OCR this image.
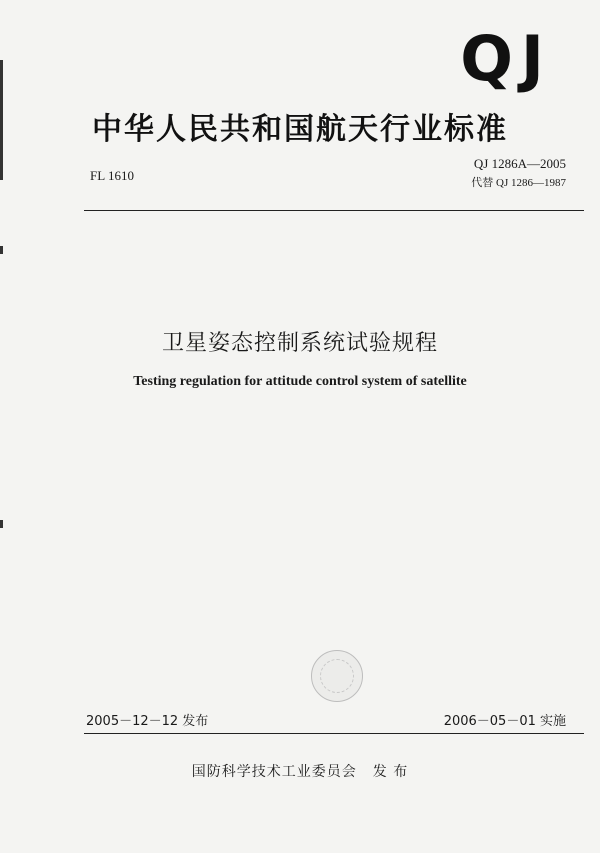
QJ
中华人民共和国航天行业标准
FL 1610
QJ 1286A—2005
代替 QJ 1286—1987
卫星姿态控制系统试验规程
Testing regulation for attitude control system of satellite
2005－12－12 发布	2006－05－01 实施
国防科学技术工业委员会 发 布
